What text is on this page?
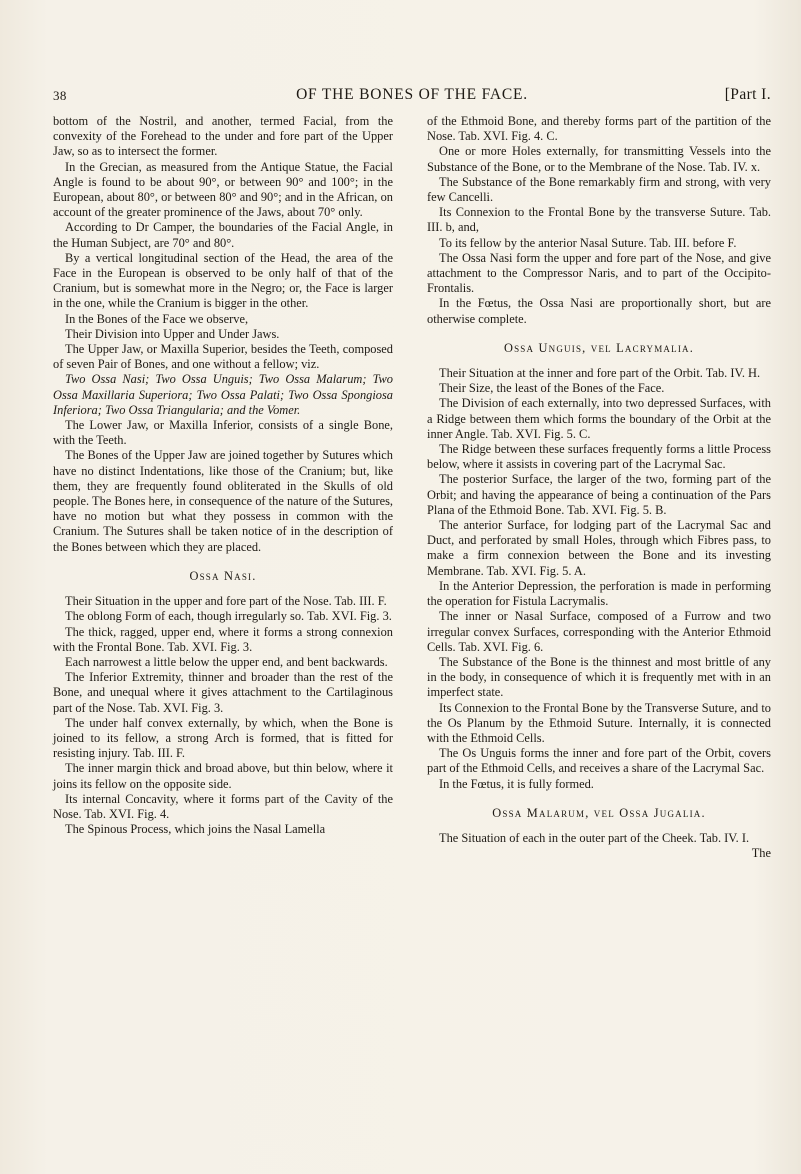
38	OF THE BONES OF THE FACE.	[Part I.

bottom of the Nostril, and another, termed Facial, from the convexity of the Forehead to the under and fore part of the Upper Jaw, so as to intersect the former.

In the Grecian, as measured from the Antique Statue, the Facial Angle is found to be about 90°, or between 90° and 100°; in the European, about 80°, or between 80° and 90°; and in the African, on account of the greater prominence of the Jaws, about 70° only.

According to Dr Camper, the boundaries of the Facial Angle, in the Human Subject, are 70° and 80°.

By a vertical longitudinal section of the Head, the area of the Face in the European is observed to be only half of that of the Cranium, but is somewhat more in the Negro; or, the Face is larger in the one, while the Cranium is bigger in the other.

In the Bones of the Face we observe,

Their Division into Upper and Under Jaws.

The Upper Jaw, or Maxilla Superior, besides the Teeth, composed of seven Pair of Bones, and one without a fellow; viz.

Two Ossa Nasi; Two Ossa Unguis; Two Ossa Malarum; Two Ossa Maxillaria Superiora; Two Ossa Palati; Two Ossa Spongiosa Inferiora; Two Ossa Triangularia; and the Vomer.

The Lower Jaw, or Maxilla Inferior, consists of a single Bone, with the Teeth.

The Bones of the Upper Jaw are joined together by Sutures which have no distinct Indentations, like those of the Cranium; but, like them, they are frequently found obliterated in the Skulls of old people. The Bones here, in consequence of the nature of the Sutures, have no motion but what they possess in common with the Cranium. The Sutures shall be taken notice of in the description of the Bones between which they are placed.

Ossa Nasi.

Their Situation in the upper and fore part of the Nose. Tab. III. F.

The oblong Form of each, though irregularly so. Tab. XVI. Fig. 3.

The thick, ragged, upper end, where it forms a strong connexion with the Frontal Bone. Tab. XVI. Fig. 3.

Each narrowest a little below the upper end, and bent backwards.

The Inferior Extremity, thinner and broader than the rest of the Bone, and unequal where it gives attachment to the Cartilaginous part of the Nose. Tab. XVI. Fig. 3.

The under half convex externally, by which, when the Bone is joined to its fellow, a strong Arch is formed, that is fitted for resisting injury. Tab. III. F.

The inner margin thick and broad above, but thin below, where it joins its fellow on the opposite side.

Its internal Concavity, where it forms part of the Cavity of the Nose. Tab. XVI. Fig. 4.

The Spinous Process, which joins the Nasal Lamella

of the Ethmoid Bone, and thereby forms part of the partition of the Nose. Tab. XVI. Fig. 4. C.

One or more Holes externally, for transmitting Vessels into the Substance of the Bone, or to the Membrane of the Nose. Tab. IV. x.

The Substance of the Bone remarkably firm and strong, with very few Cancelli.

Its Connexion to the Frontal Bone by the transverse Suture. Tab. III. b, and,

To its fellow by the anterior Nasal Suture. Tab. III. before F.

The Ossa Nasi form the upper and fore part of the Nose, and give attachment to the Compressor Naris, and to part of the Occipito-Frontalis.

In the Fœtus, the Ossa Nasi are proportionally short, but are otherwise complete.

Ossa Unguis, vel Lacrymalia.

Their Situation at the inner and fore part of the Orbit. Tab. IV. H.

Their Size, the least of the Bones of the Face.

The Division of each externally, into two depressed Surfaces, with a Ridge between them which forms the boundary of the Orbit at the inner Angle. Tab. XVI. Fig. 5. C.

The Ridge between these surfaces frequently forms a little Process below, where it assists in covering part of the Lacrymal Sac.

The posterior Surface, the larger of the two, forming part of the Orbit; and having the appearance of being a continuation of the Pars Plana of the Ethmoid Bone. Tab. XVI. Fig. 5. B.

The anterior Surface, for lodging part of the Lacrymal Sac and Duct, and perforated by small Holes, through which Fibres pass, to make a firm connexion between the Bone and its investing Membrane. Tab. XVI. Fig. 5. A.

In the Anterior Depression, the perforation is made in performing the operation for Fistula Lacrymalis.

The inner or Nasal Surface, composed of a Furrow and two irregular convex Surfaces, corresponding with the Anterior Ethmoid Cells. Tab. XVI. Fig. 6.

The Substance of the Bone is the thinnest and most brittle of any in the body, in consequence of which it is frequently met with in an imperfect state.

Its Connexion to the Frontal Bone by the Transverse Suture, and to the Os Planum by the Ethmoid Suture. Internally, it is connected with the Ethmoid Cells.

The Os Unguis forms the inner and fore part of the Orbit, covers part of the Ethmoid Cells, and receives a share of the Lacrymal Sac.

In the Fœtus, it is fully formed.

Ossa Malarum, vel Ossa Jugalia.

The Situation of each in the outer part of the Cheek. Tab. IV. I.

The
